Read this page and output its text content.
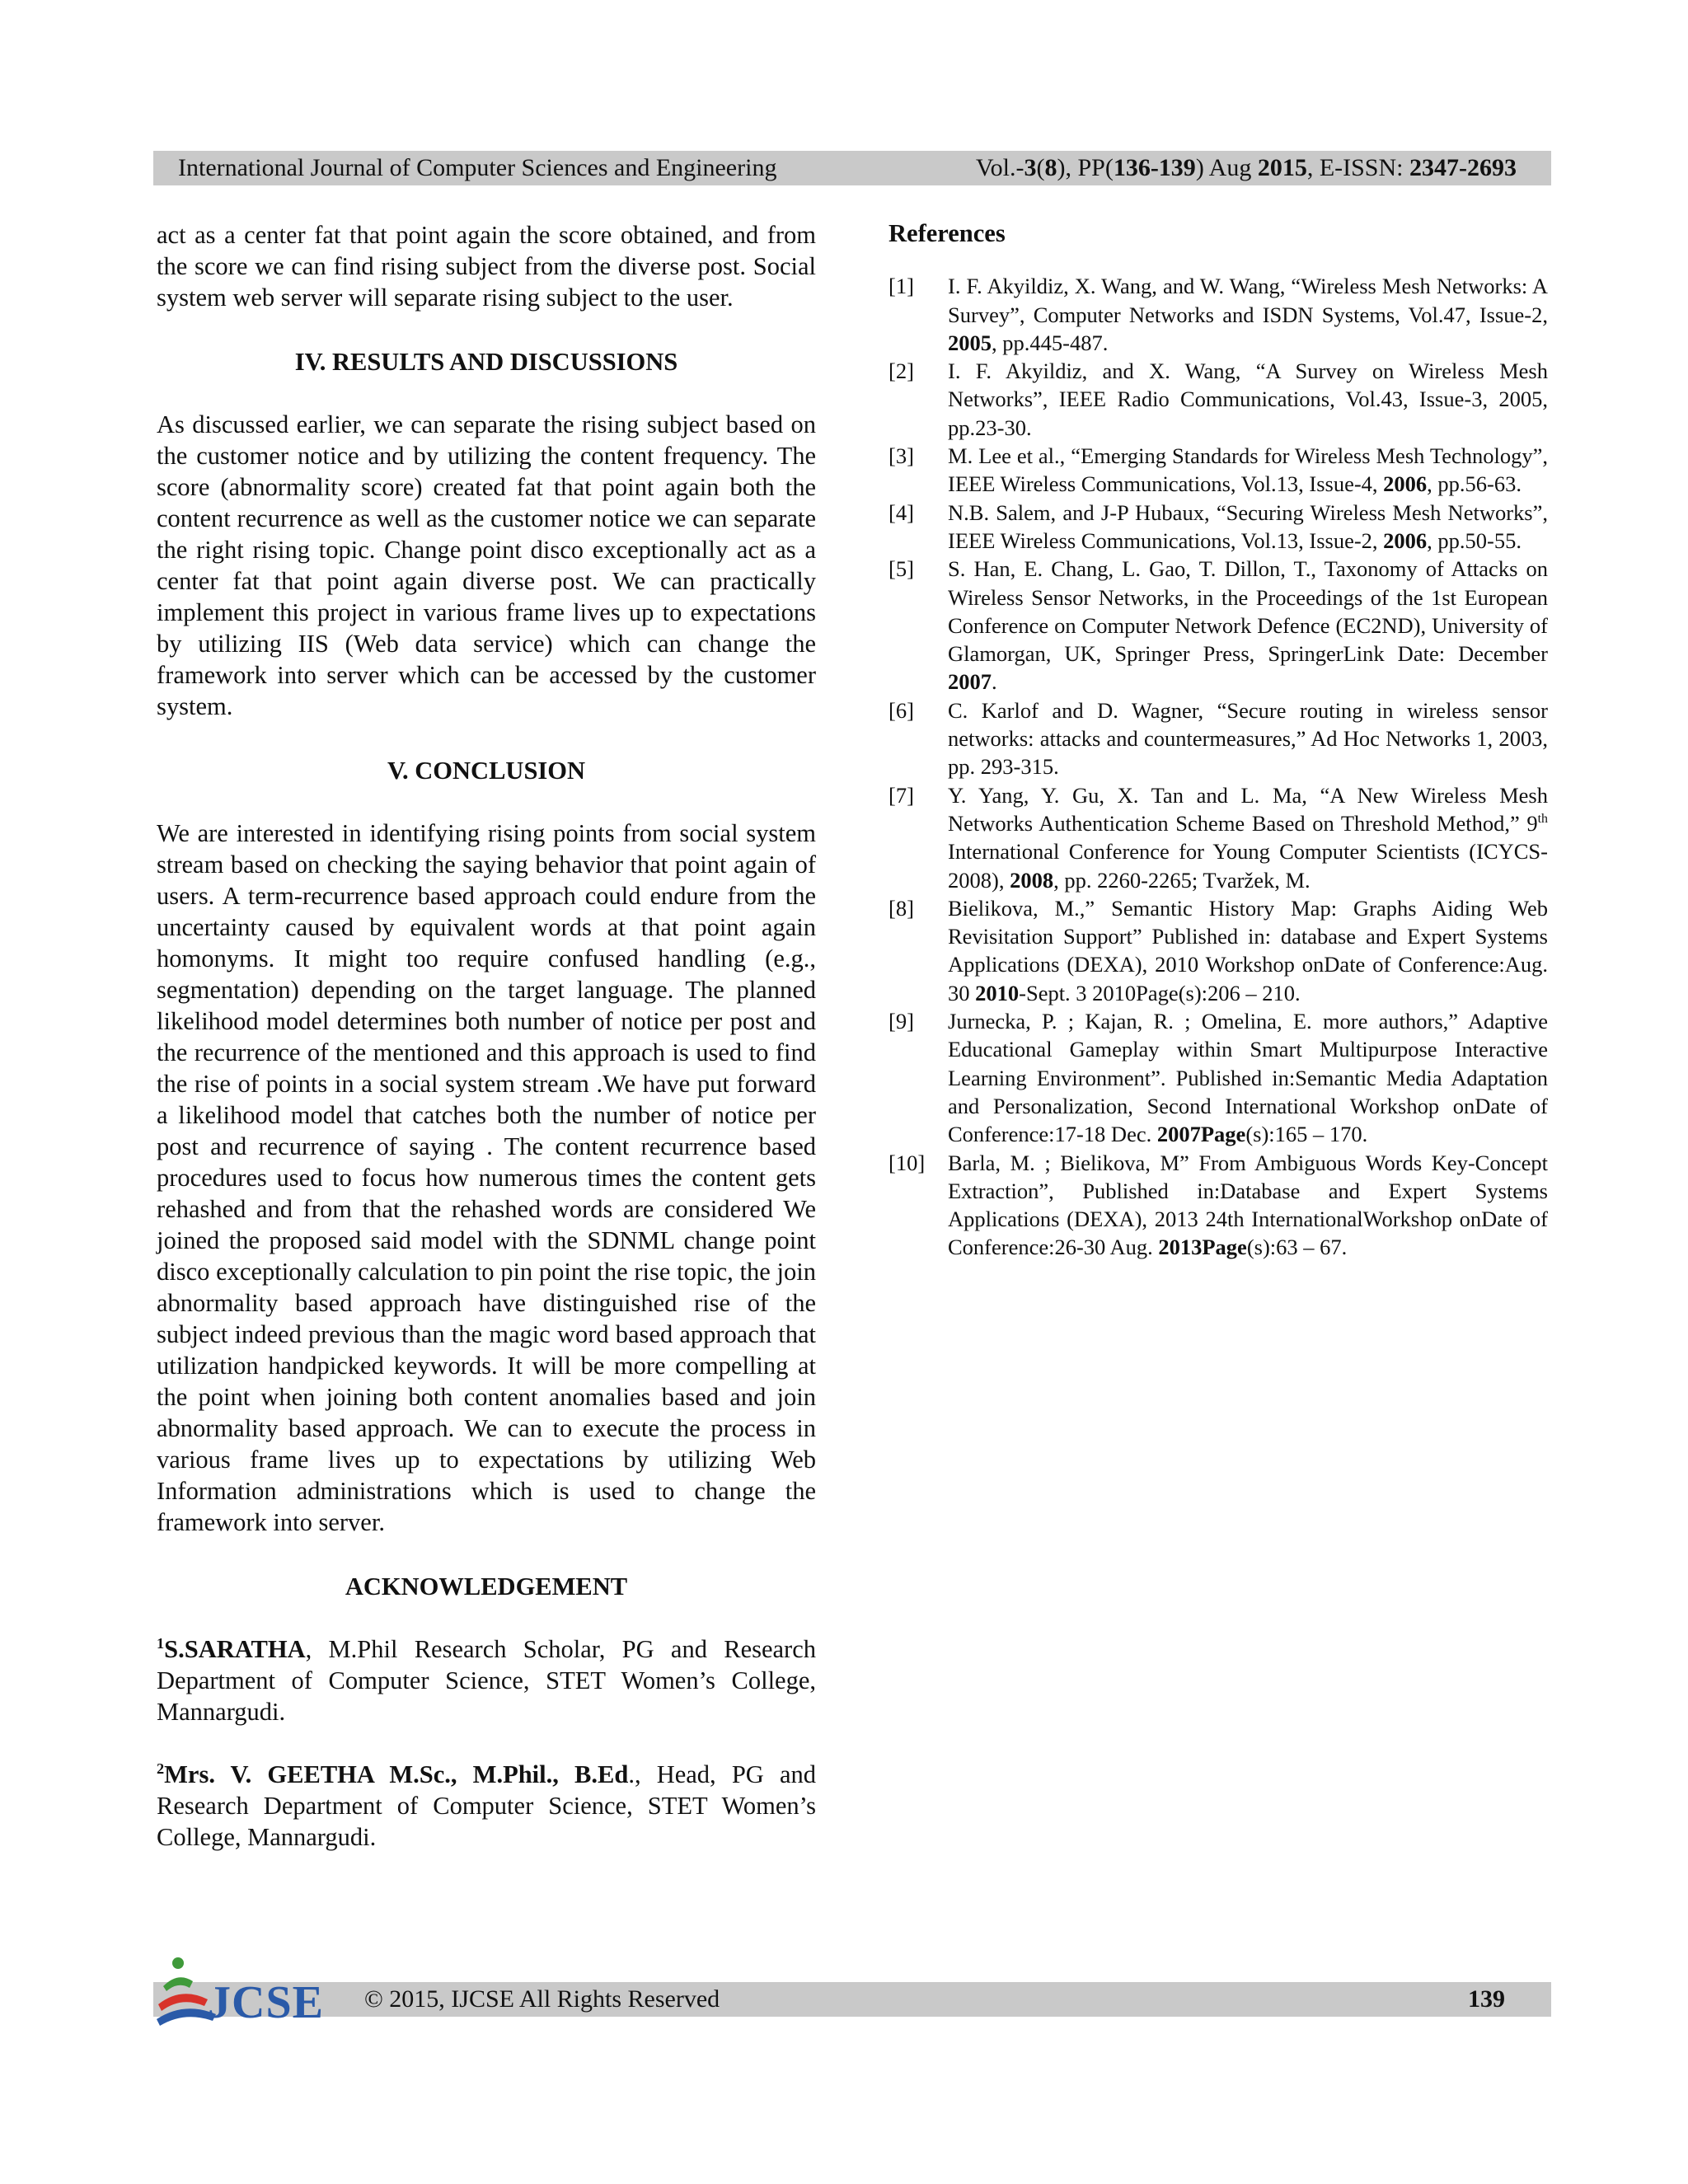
International Journal of Computer Sciences and Engineering	Vol.-3(8), PP(136-139) Aug 2015, E-ISSN: 2347-2693

act as a center fat that point again the score obtained, and from the score we can find rising subject from the diverse post. Social system web server will separate rising subject to the user.

IV. RESULTS AND DISCUSSIONS

As discussed earlier, we can separate the rising subject based on the customer notice and by utilizing the content frequency. The score (abnormality score) created fat that point again both the content recurrence as well as the customer notice we can separate the right rising topic. Change point disco exceptionally act as a center fat that point again diverse post. We can practically implement this project in various frame lives up to expectations by utilizing IIS (Web data service) which can change the framework into server which can be accessed by the customer system.

V. CONCLUSION

We are interested in identifying rising points from social system stream based on checking the saying behavior that point again of users. A term-recurrence based approach could endure from the uncertainty caused by equivalent words at that point again homonyms. It might too require confused handling (e.g., segmentation) depending on the target language. The planned likelihood model determines both number of notice per post and the recurrence of the mentioned and this approach is used to find the rise of points in a social system stream .We have put forward a likelihood model that catches both the number of notice per post and recurrence of saying . The content recurrence based procedures used to focus how numerous times the content gets rehashed and from that the rehashed words are considered We joined the proposed said model with the SDNML change point disco exceptionally calculation to pin point the rise topic, the join abnormality based approach have distinguished rise of the subject indeed previous than the magic word based approach that utilization handpicked keywords. It will be more compelling at the point when joining both content anomalies based and join abnormality based approach. We can to execute the process in various frame lives up to expectations by utilizing Web Information administrations which is used to change the framework into server.

ACKNOWLEDGEMENT

$^1$S.SARATHA, M.Phil Research Scholar, PG and Research Department of Computer Science, STET Women’s College, Mannargudi.

$^2$Mrs. V. GEETHA M.Sc., M.Phil., B.Ed., Head, PG and Research Department of Computer Science, STET Women’s College, Mannargudi.

References
[1]	I. F. Akyildiz, X. Wang, and W. Wang, “Wireless Mesh Networks: A Survey”, Computer Networks and ISDN Systems, Vol.47, Issue-2, 2005, pp.445-487.
[2]	I. F. Akyildiz, and X. Wang, “A Survey on Wireless Mesh Networks”, IEEE Radio Communications, Vol.43, Issue-3, 2005, pp.23-30.
[3]	M. Lee et al., “Emerging Standards for Wireless Mesh Technology”, IEEE Wireless Communications, Vol.13, Issue-4, 2006, pp.56-63.
[4]	N.B. Salem, and J-P Hubaux, “Securing Wireless Mesh Networks”, IEEE Wireless Communications, Vol.13, Issue-2, 2006, pp.50-55.
[5]	S. Han, E. Chang, L. Gao, T. Dillon, T., Taxonomy of Attacks on Wireless Sensor Networks, in the Proceedings of the 1st European Conference on Computer Network Defence (EC2ND), University of Glamorgan, UK, Springer Press, SpringerLink Date: December 2007.
[6]	C. Karlof and D. Wagner, “Secure routing in wireless sensor networks: attacks and countermeasures,” Ad Hoc Networks 1, 2003, pp. 293-315.
[7]	Y. Yang, Y. Gu, X. Tan and L. Ma, “A New Wireless Mesh Networks Authentication Scheme Based on Threshold Method,” 9th International Conference for Young Computer Scientists (ICYCS-2008), 2008, pp. 2260-2265; Tvaržek, M.
[8]	Bielikova, M.,” Semantic History Map: Graphs Aiding Web Revisitation Support” Published in: database and Expert Systems Applications (DEXA), 2010 Workshop onDate of Conference:Aug. 30 2010-Sept. 3 2010Page(s):206 – 210.
[9]	Jurnecka, P. ; Kajan, R. ; Omelina, E. more authors,” Adaptive Educational Gameplay within Smart Multipurpose Interactive Learning Environment”. Published in:Semantic Media Adaptation and Personalization, Second International Workshop onDate of Conference:17-18 Dec. 2007Page(s):165 – 170.
[10]	Barla, M. ; Bielikova, M” From Ambiguous Words Key-Concept Extraction”, Published in:Database and Expert Systems Applications (DEXA), 2013 24th InternationalWorkshop onDate of Conference:26-30 Aug. 2013Page(s):63 – 67.
© 2015, IJCSE All Rights Reserved	139
JCSE
